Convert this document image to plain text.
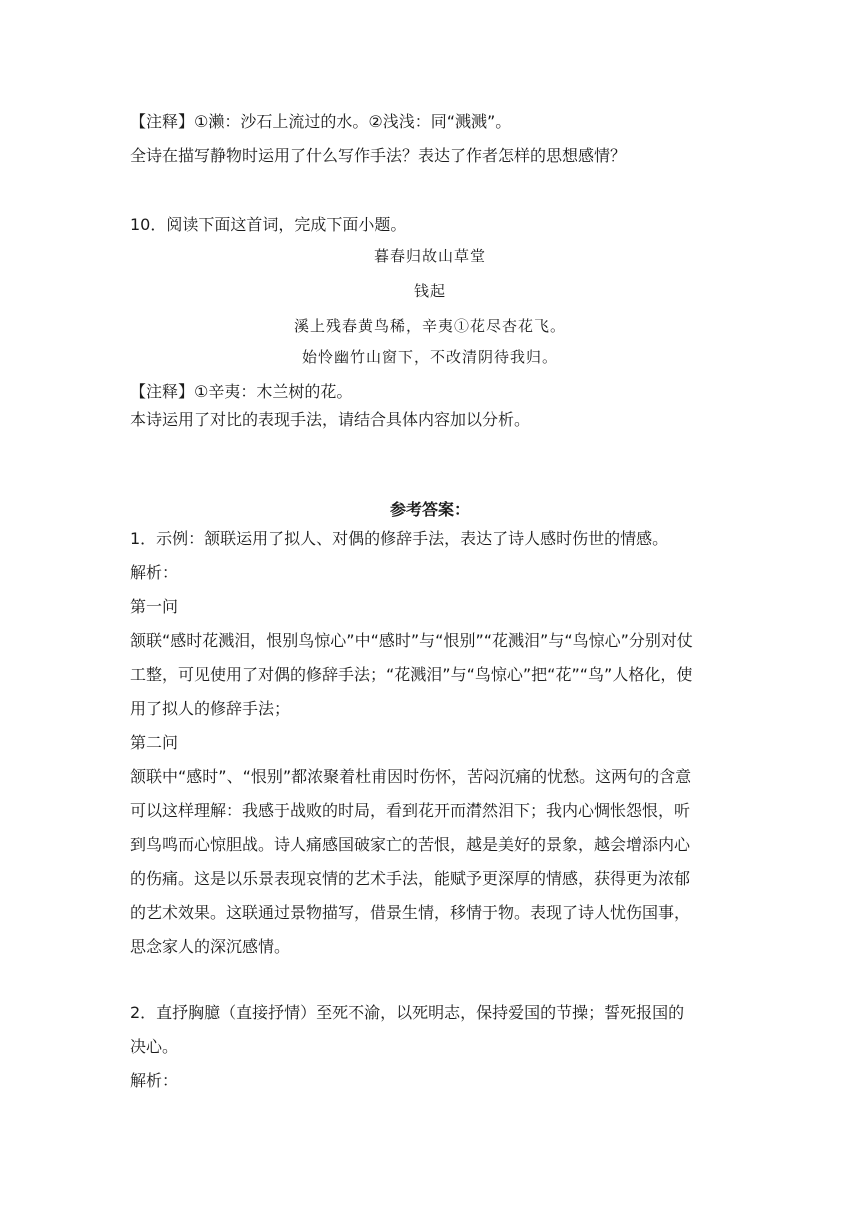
【注释】①濑：沙石上流过的水。②浅浅：同“溅溅”。
全诗在描写静物时运用了什么写作手法？表达了作者怎样的思想感情？
10．阅读下面这首词，完成下面小题。
暮春归故山草堂
钱起
溪上残春黄鸟稀，辛夷①花尽杏花飞。
始怜幽竹山窗下，不改清阴待我归。
【注释】①辛夷：木兰树的花。
本诗运用了对比的表现手法，请结合具体内容加以分析。
参考答案：
1．示例：颔联运用了拟人、对偶的修辞手法，表达了诗人感时伤世的情感。
解析：
第一问
颔联“感时花溅泪，恨别鸟惊心”中“感时”与“恨别”“花溅泪”与“鸟惊心”分别对仗
工整，可见使用了对偶的修辞手法；“花溅泪”与“鸟惊心”把“花”“鸟”人格化，使
用了拟人的修辞手法；
第二问
颔联中“感时”、“恨别”都浓聚着杜甫因时伤怀，苦闷沉痛的忧愁。这两句的含意
可以这样理解：我感于战败的时局，看到花开而潸然泪下；我内心惆怅怨恨，听
到鸟鸣而心惊胆战。诗人痛感国破家亡的苦恨，越是美好的景象，越会增添内心
的伤痛。这是以乐景表现哀情的艺术手法，能赋予更深厚的情感，获得更为浓郁
的艺术效果。这联通过景物描写，借景生情，移情于物。表现了诗人忧伤国事，
思念家人的深沉感情。
2．直抒胸臆（直接抒情）至死不渝，以死明志，保持爱国的节操；誓死报国的
决心。
解析：
